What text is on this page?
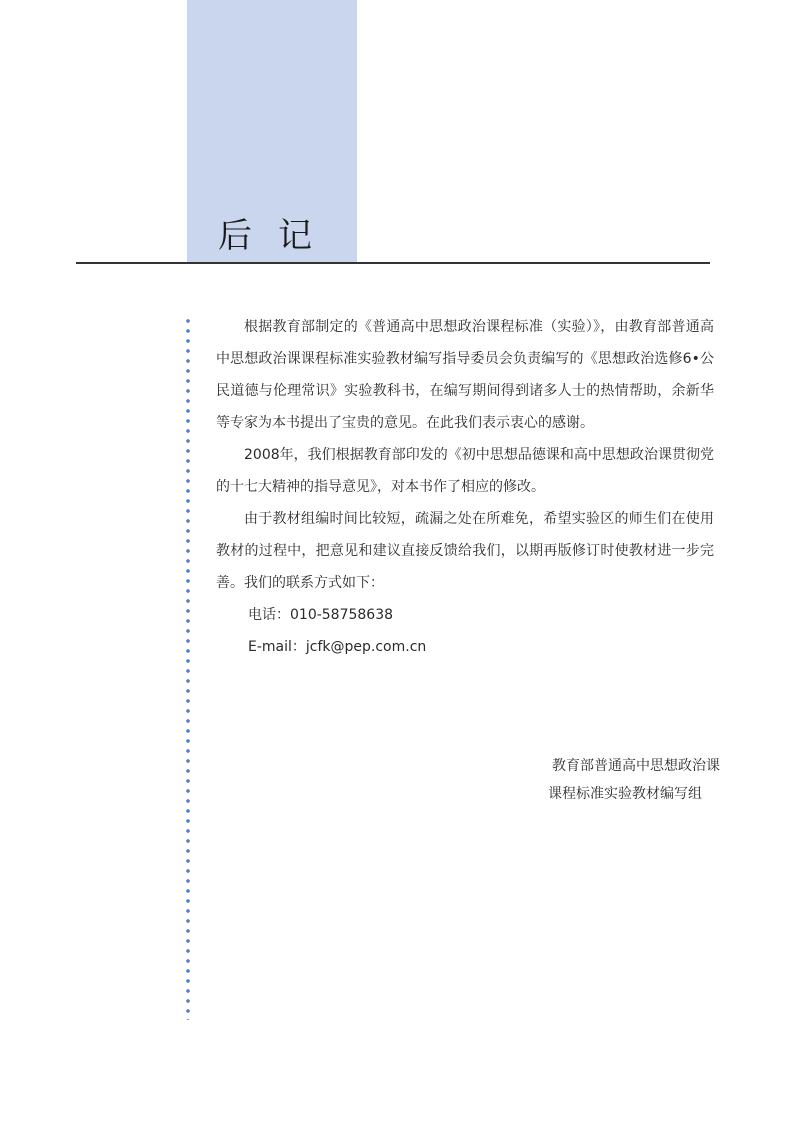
后记

根据教育部制定的《普通高中思想政治课程标准（实验）》，由教育部普通高中思想政治课课程标准实验教材编写指导委员会负责编写的《思想政治选修6•公民道德与伦理常识》实验教科书，在编写期间得到诸多人士的热情帮助，余新华等专家为本书提出了宝贵的意见。在此我们表示衷心的感谢。

2008年，我们根据教育部印发的《初中思想品德课和高中思想政治课贯彻党的十七大精神的指导意见》，对本书作了相应的修改。

由于教材组编时间比较短，疏漏之处在所难免，希望实验区的师生们在使用教材的过程中，把意见和建议直接反馈给我们，以期再版修订时使教材进一步完善。我们的联系方式如下：

电话：010-58758638
E-mail：jcfk@pep.com.cn
教育部普通高中思想政治课
课程标准实验教材编写组
